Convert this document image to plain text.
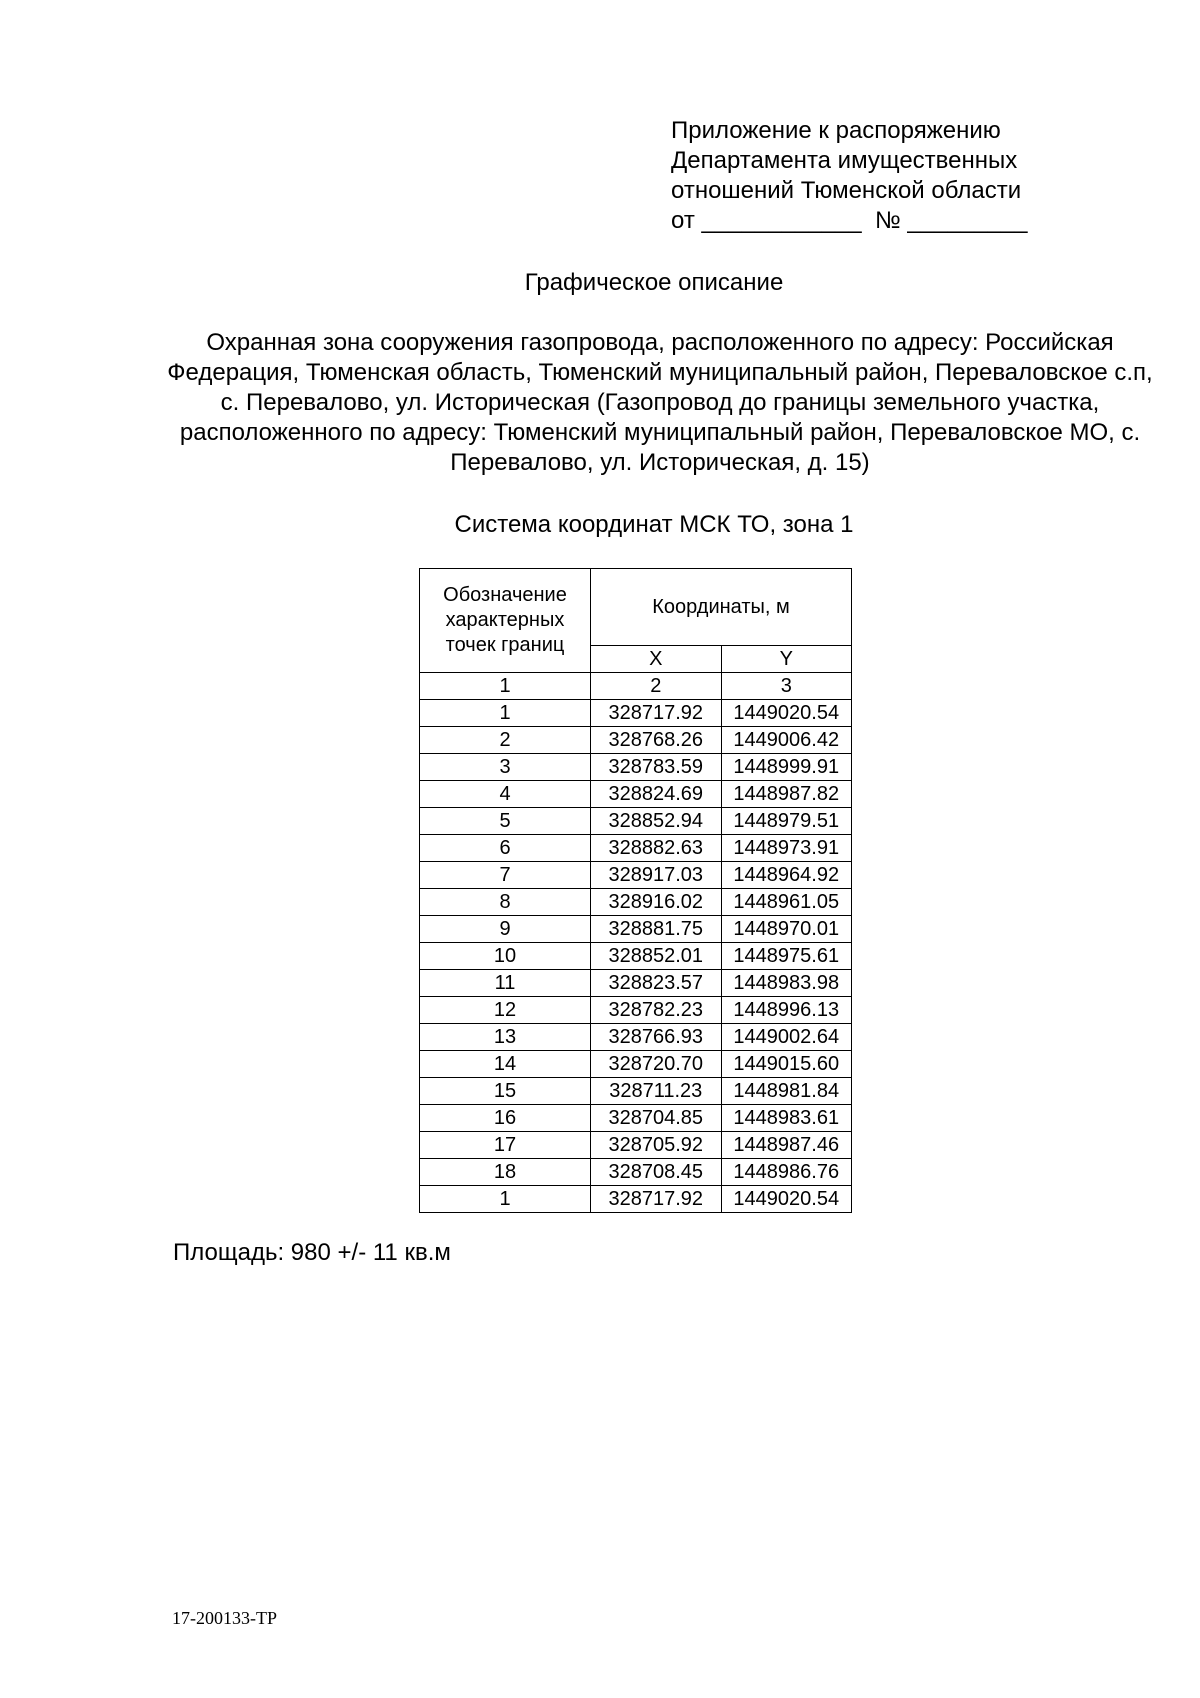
Приложение к распоряжению
Департамента имущественных
отношений Тюменской области
от ____________  № _________
Графическое описание
Охранная зона сооружения газопровода, расположенного по адресу: Российская Федерация, Тюменская область, Тюменский муниципальный район, Переваловское с.п, с. Перевалово, ул. Историческая (Газопровод до границы земельного участка, расположенного по адресу: Тюменский муниципальный район, Переваловское МО, с. Перевалово, ул. Историческая, д. 15)
Система координат МСК ТО, зона 1
Обозначение характерных точек границ	Координаты, м	
	X	Y
1	2	3
1	328717.92	1449020.54
2	328768.26	1449006.42
3	328783.59	1448999.91
4	328824.69	1448987.82
5	328852.94	1448979.51
6	328882.63	1448973.91
7	328917.03	1448964.92
8	328916.02	1448961.05
9	328881.75	1448970.01
10	328852.01	1448975.61
11	328823.57	1448983.98
12	328782.23	1448996.13
13	328766.93	1449002.64
14	328720.70	1449015.60
15	328711.23	1448981.84
16	328704.85	1448983.61
17	328705.92	1448987.46
18	328708.45	1448986.76
1	328717.92	1449020.54
Площадь: 980 +/- 11 кв.м
17-200133-ТР
